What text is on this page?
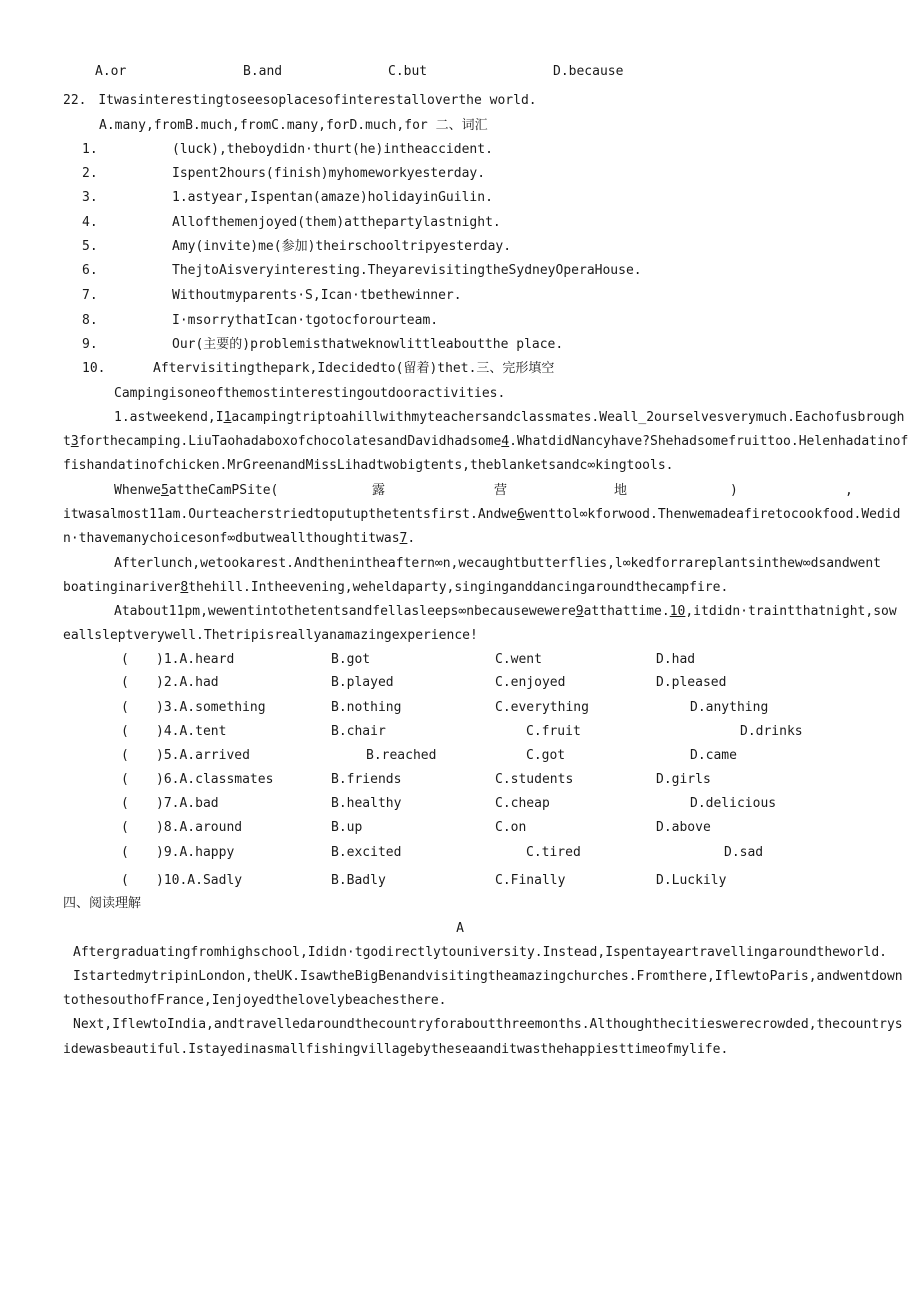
A.or	B.and	C.but	D.because
22. Itwasinterestingtoseesoplacesofinterestalloverthe world.
A.many,fromB.much,fromC.many,forD.much,for 二、词汇
1.	(luck),theboydidn·thurt(he)intheaccident.
2.	Ispent2hours(finish)myhomeworkyesterday.
3.	1.astyear,Ispentan(amaze)holidayinGuilin.
4.	Allofthemenjoyed(them)atthepartylastnight.
5.	Amy(invite)me(参加)theirschooltripyesterday.
6.	ThejtoAisveryinteresting.TheyarevisitingtheSydneyOperaHouse.
7.	Withoutmyparents·S,Ican·tbethewinner.
8.	I·msorrythatIcan·tgotocforourteam.
9.	Our(主要的)problemisthatweknowlittleaboutthe place.
10.	Aftervisitingthepark,Idecidedto(留着)thet.三、完形填空
Campingisoneofthemostinterestingoutdooractivities.
1.astweekend,I1acampingtriptoahillwithmyteachersandclassmates.Weall_2ourselvesverymuch.Eachofusbrough
t3forthecamping.LiuTaohadaboxofchocolatesandDavidhadsome4.WhatdidNancyhave?Shehadsomefruittoo.Helenhadatinof
fishandatinofchicken.MrGreenandMissLihadtwobigtents,theblanketsandc∞kingtools.
Whenwe5attheCamPSite(	露	营	地	)	,
itwasalmost11am.Ourteacherstriedtoputupthetentsfirst.Andwe6wenttol∞kforwood.Thenwemadeafiretocookfood.Wedid
n·thavemanychoicesonf∞dbutweallthoughtitwas7.
Afterlunch,wetookarest.Andthenintheaftern∞n,wecaughtbutterflies,l∞kedforrareplantsinthew∞dsandwent
boatinginariver8thehill.Intheevening,weheldaparty,singinganddancingaroundthecampfire.
Atabout11pm,wewentintothetentsandfellasleeps∞nbecausewewere9atthattime.10,itdidn·traintthatnight,sow
eallsleptverywell.Thetripisreallyanamazingexperience!
( )1.A.heard	B.got	C.went	D.had
( )2.A.had	B.played	C.enjoyed	D.pleased
( )3.A.something	B.nothing	C.everything	D.anything
( )4.A.tent	B.chair	C.fruit	D.drinks
( )5.A.arrived	B.reached	C.got	D.came
( )6.A.classmates	B.friends	C.students	D.girls
( )7.A.bad	B.healthy	C.cheap	D.delicious
( )8.A.around	B.up	C.on	D.above
( )9.A.happy	B.excited	C.tired	D.sad
( )10.A.Sadly	B.Badly	C.Finally	D.Luckily
四、阅读理解
A
Aftergraduatingfromhighschool,Ididn·tgodirectlytouniversity.Instead,Ispentayeartravellingaroundtheworld.
IstartedmytripinLondon,theUK.IsawtheBigBenandvisitingtheamazingchurches.Fromthere,IflewtoParis,andwentdown
tothesouthofFrance,Ienjoyedthelovelybeachesthere.
Next,IflewtoIndia,andtravelledaroundthecountryforaboutthreemonths.Althoughthecitieswerecrowded,thecountrys
idewasbeautiful.Istayedinasmallfishingvillagebytheseaanditwasthehappiesttimeofmylife.
